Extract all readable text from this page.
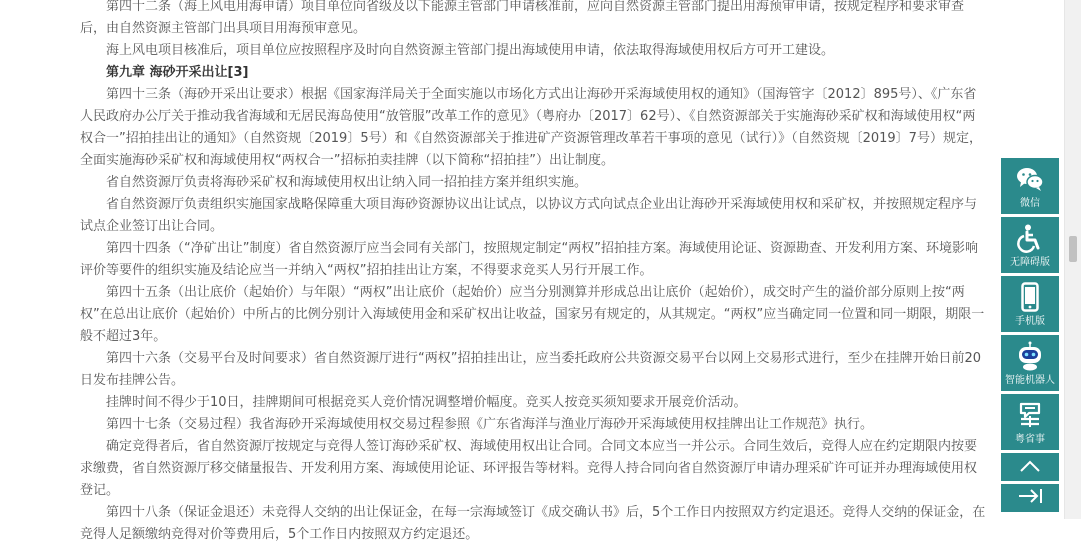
第四十二条（海上风电用海申请）项目单位向省级及以下能源主管部门申请核准前，应向自然资源主管部门提出用海预审申请，按规定程序和要求审查后，由自然资源主管部门出具项目用海预审意见。

海上风电项目核准后，项目单位应按照程序及时向自然资源主管部门提出海域使用申请，依法取得海域使用权后方可开工建设。

第九章 海砂开采出让[3]

第四十三条（海砂开采出让要求）根据《国家海洋局关于全面实施以市场化方式出让海砂开采海域使用权的通知》（国海管字〔2012〕895号）、《广东省人民政府办公厅关于推动我省海域和无居民海岛使用“放管服”改革工作的意见》（粤府办〔2017〕62号）、《自然资源部关于实施海砂采矿权和海域使用权“两权合一”招拍挂出让的通知》（自然资规〔2019〕5号）和《自然资源部关于推进矿产资源管理改革若干事项的意见（试行）》（自然资规〔2019〕7号）规定，全面实施海砂采矿权和海域使用权“两权合一”招标拍卖挂牌（以下简称“招拍挂”）出让制度。

省自然资源厅负责将海砂采矿权和海域使用权出让纳入同一招拍挂方案并组织实施。

省自然资源厅负责组织实施国家战略保障重大项目海砂资源协议出让试点，以协议方式向试点企业出让海砂开采海域使用权和采矿权，并按照规定程序与试点企业签订出让合同。

第四十四条（“净矿出让”制度）省自然资源厅应当会同有关部门，按照规定制定“两权”招拍挂方案。海域使用论证、资源勘查、开发利用方案、环境影响评价等要件的组织实施及结论应当一并纳入“两权”招拍挂出让方案，不得要求竞买人另行开展工作。

第四十五条（出让底价（起始价）与年限）“两权”出让底价（起始价）应当分别测算并形成总出让底价（起始价），成交时产生的溢价部分原则上按“两权”在总出让底价（起始价）中所占的比例分别计入海域使用金和采矿权出让收益，国家另有规定的，从其规定。“两权”应当确定同一位置和同一期限，期限一般不超过3年。

第四十六条（交易平台及时间要求）省自然资源厅进行“两权”招拍挂出让，应当委托政府公共资源交易平台以网上交易形式进行，至少在挂牌开始日前20日发布挂牌公告。

挂牌时间不得少于10日，挂牌期间可根据竞买人竞价情况调整增价幅度。竞买人按竞买须知要求开展竞价活动。

第四十七条（交易过程）我省海砂开采海域使用权交易过程参照《广东省海洋与渔业厅海砂开采海域使用权挂牌出让工作规范》执行。

确定竞得者后，省自然资源厅按规定与竞得人签订海砂采矿权、海域使用权出让合同。合同文本应当一并公示。合同生效后，竞得人应在约定期限内按要求缴费，省自然资源厅移交储量报告、开发利用方案、海域使用论证、环评报告等材料。竞得人持合同向省自然资源厅申请办理采矿许可证并办理海域使用权登记。

第四十八条（保证金退还）未竞得人交纳的出让保证金，在每一宗海域签订《成交确认书》后，5个工作日内按照双方约定退还。竞得人交纳的保证金，在竞得人足额缴纳竞得对价等费用后，5个工作日内按照双方约定退还。

微信
无障碍版
手机版
智能机器人
粤省事
